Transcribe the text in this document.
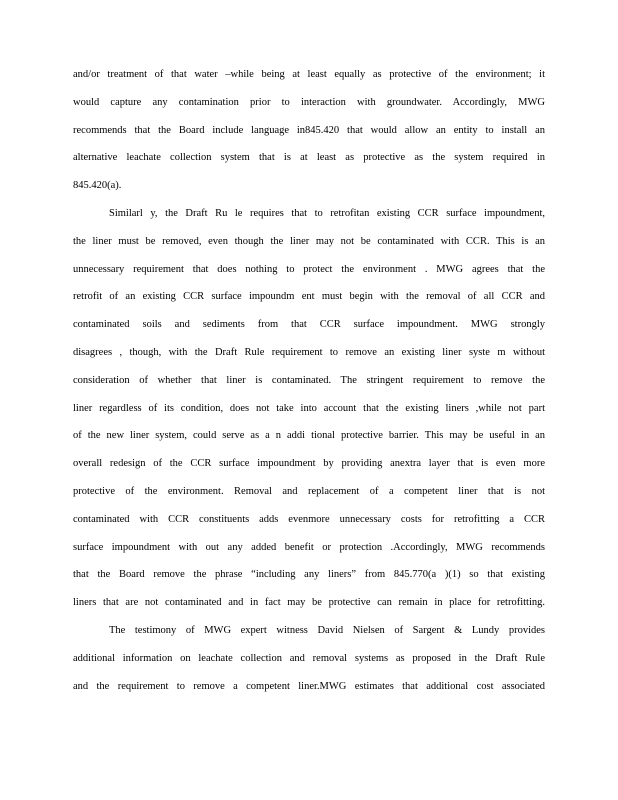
and/or treatment of that water –while being at least equally as protective of the environment; it
would capture any contamination prior to interaction with groundwater. Accordingly, MWG
recommends that the Board include language in845.420 that would allow an entity to install an
alternative leachate collection system that is at least as protective as the system required in
845.420(a).
Similarl y, the Draft Ru le requires that to retrofitan existing CCR surface impoundment,
the liner must be removed, even though the liner may not be contaminated with CCR. This is an
unnecessary requirement that does nothing to protect the environment . MWG agrees that the
retrofit of an existing CCR surface impoundm ent must begin with the removal of all CCR and
contaminated soils and sediments from that CCR surface impoundment. MWG strongly
disagrees , though, with the Draft Rule requirement to remove an existing liner syste m without
consideration of whether that liner is contaminated. The stringent requirement to remove the
liner regardless of its condition, does not take into account that the existing liners ,while not part
of the new liner system, could serve as a n addi tional protective barrier. This may be useful in an
overall redesign of the CCR surface impoundment by providing anextra layer that is even more
protective of the environment. Removal and replacement of a competent liner that is not
contaminated with CCR constituents adds evenmore unnecessary costs for retrofitting a CCR
surface impoundment with out any added benefit or protection .Accordingly, MWG recommends
that the Board remove the phrase “including any liners” from 845.770(a )(1) so that existing
liners that are not contaminated and in fact may be protective can remain in place for retrofitting.
The testimony of MWG expert witness David Nielsen of Sargent & Lundy provides
additional information on leachate collection and removal systems as proposed in the Draft Rule
and the requirement to remove a competent liner.MWG estimates that additional cost associated
